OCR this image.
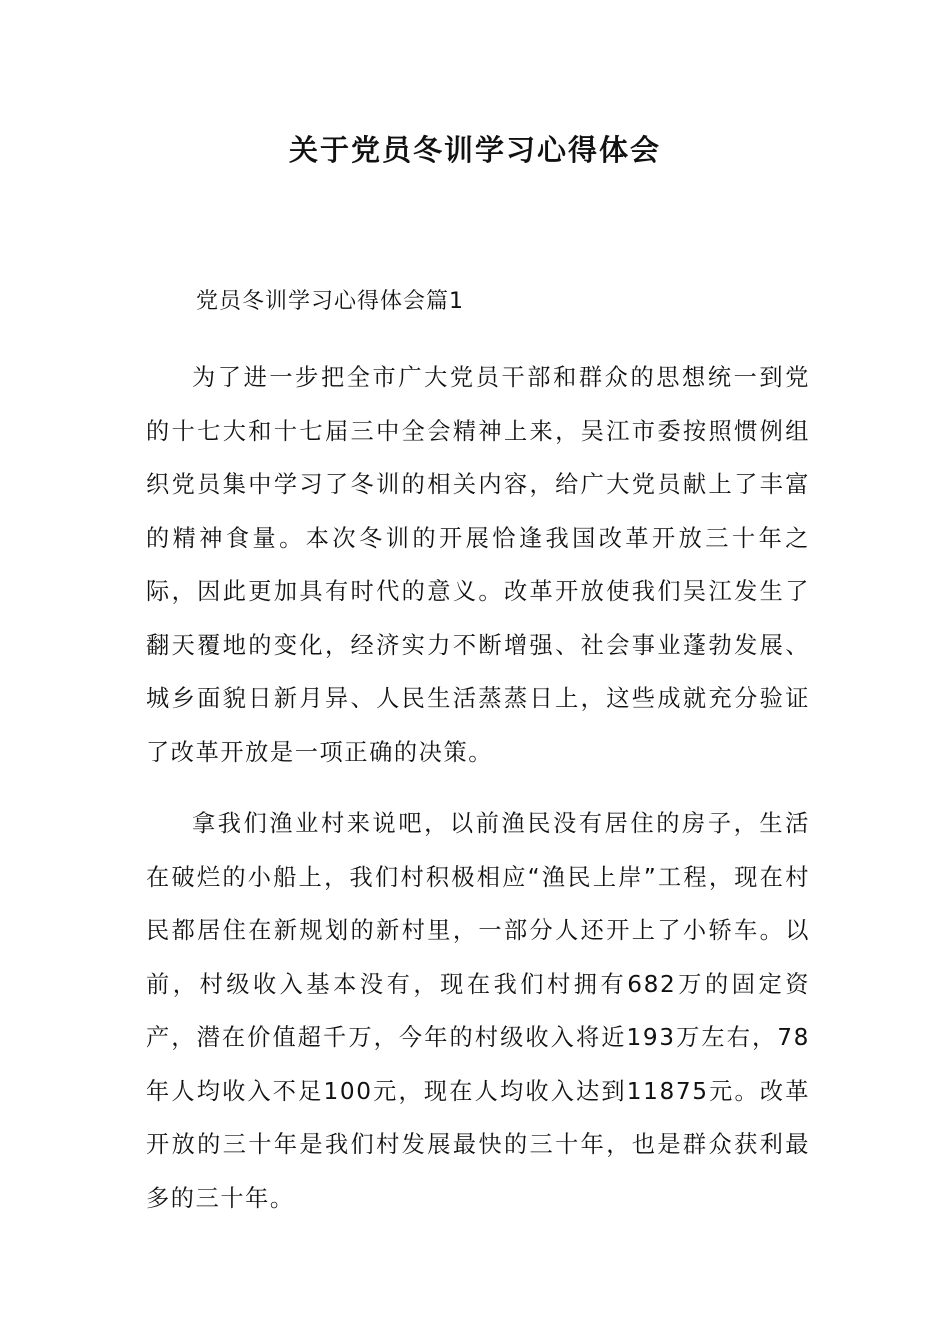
关于党员冬训学习心得体会

党员冬训学习心得体会篇1

为了进一步把全市广大党员干部和群众的思想统一到党的十七大和十七届三中全会精神上来，吴江市委按照惯例组织党员集中学习了冬训的相关内容，给广大党员献上了丰富的精神食量。本次冬训的开展恰逢我国改革开放三十年之际，因此更加具有时代的意义。改革开放使我们吴江发生了翻天覆地的变化，经济实力不断增强、社会事业蓬勃发展、城乡面貌日新月异、人民生活蒸蒸日上，这些成就充分验证了改革开放是一项正确的决策。

拿我们渔业村来说吧，以前渔民没有居住的房子，生活在破烂的小船上，我们村积极相应“渔民上岸”工程，现在村民都居住在新规划的新村里，一部分人还开上了小轿车。以前，村级收入基本没有，现在我们村拥有682万的固定资产，潜在价值超千万，今年的村级收入将近193万左右，78年人均收入不足100元，现在人均收入达到11875元。改革开放的三十年是我们村发展最快的三十年，也是群众获利最多的三十年。
